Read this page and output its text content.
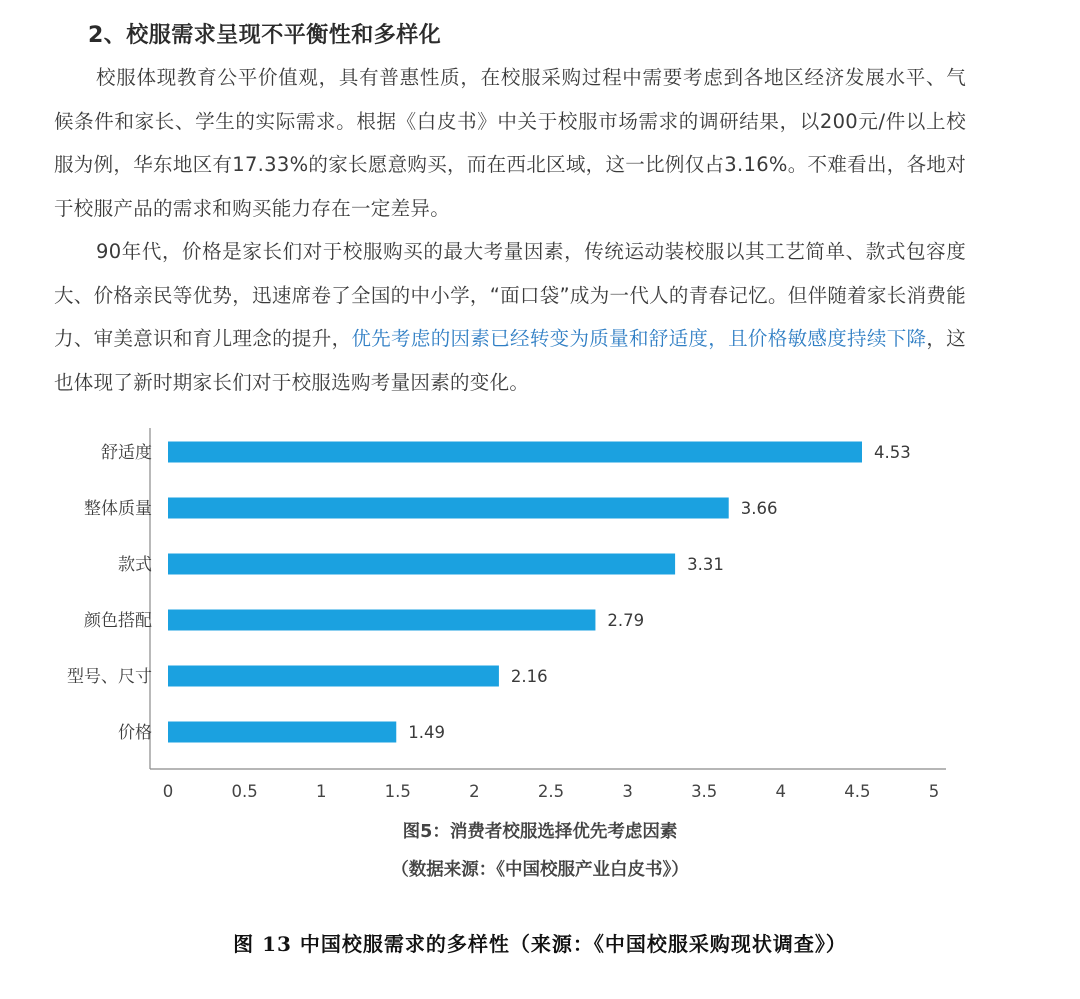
2、校服需求呈现不平衡性和多样化
校服体现教育公平价值观，具有普惠性质，在校服采购过程中需要考虑到各地区经济发展水平、气候条件和家长、学生的实际需求。根据《白皮书》中关于校服市场需求的调研结果，以200元/件以上校服为例，华东地区有17.33%的家长愿意购买，而在西北区域，这一比例仅占3.16%。不难看出，各地对于校服产品的需求和购买能力存在一定差异。
90年代，价格是家长们对于校服购买的最大考量因素，传统运动装校服以其工艺简单、款式包容度大、价格亲民等优势，迅速席卷了全国的中小学，“面口袋”成为一代人的青春记忆。但伴随着家长消费能力、审美意识和育儿理念的提升，优先考虑的因素已经转变为质量和舒适度，且价格敏感度持续下降，这也体现了新时期家长们对于校服选购考量因素的变化。
舒适度	4.53
整体质量	3.66
款式	3.31
颜色搭配	2.79
型号、尺寸	2.16
价格	1.49
0	0.5	1	1.5	2	2.5	3	3.5	4	4.5	5
图5：消费者校服选择优先考虑因素
（数据来源：《中国校服产业白皮书》）
图 13 中国校服需求的多样性（来源：《中国校服采购现状调查》）
